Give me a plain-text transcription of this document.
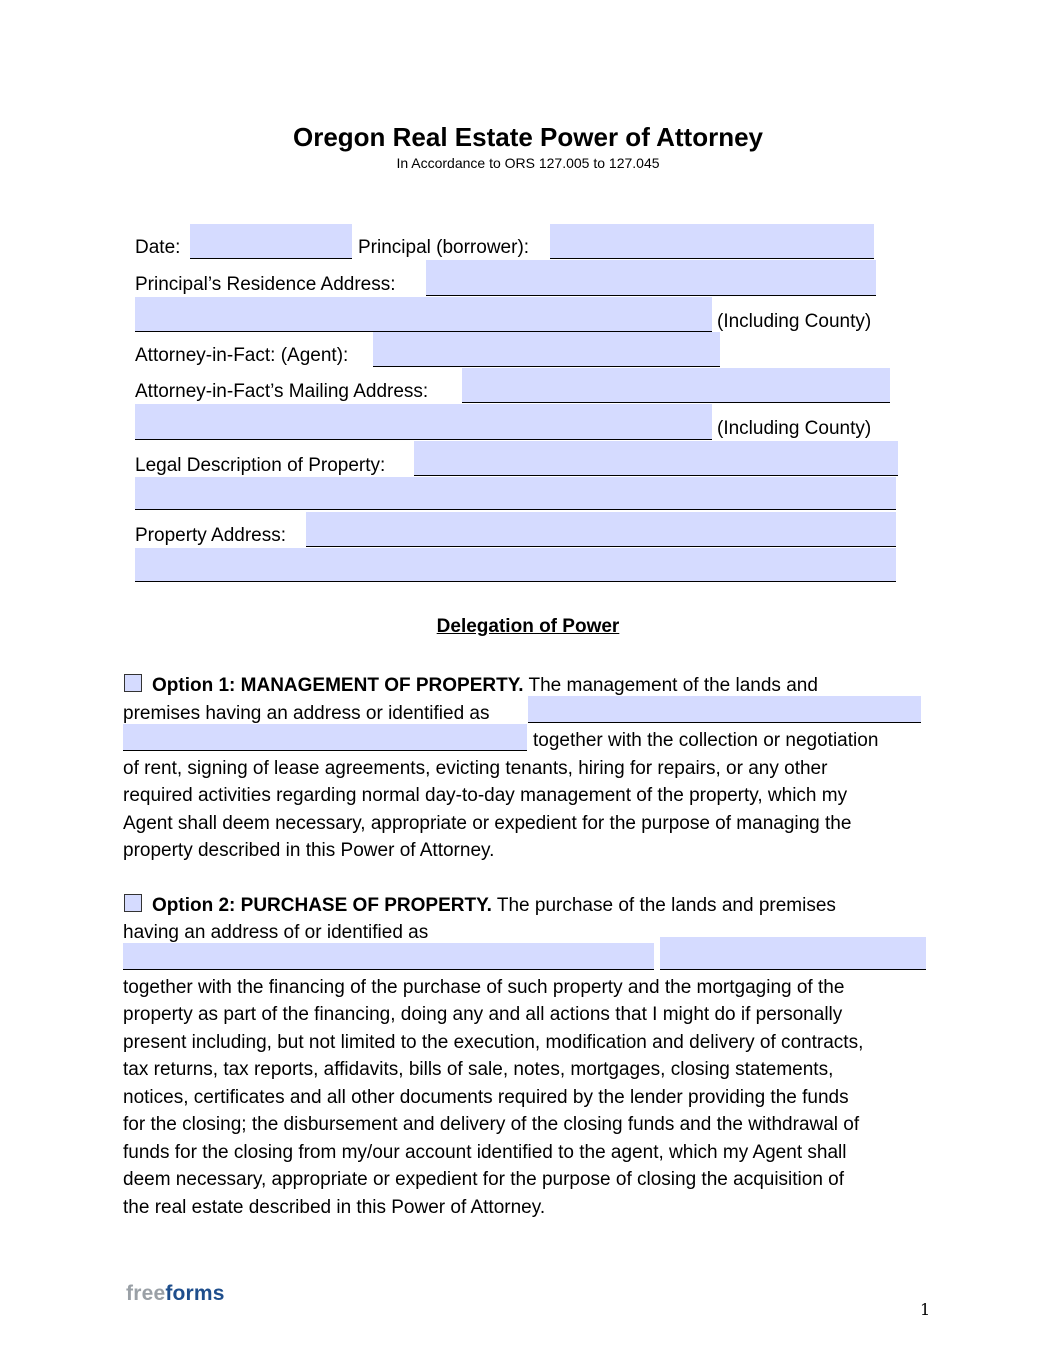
Oregon Real Estate Power of Attorney
In Accordance to ORS 127.005 to 127.045
Date:	Principal (borrower):
Principal’s Residence Address:
(Including County)
Attorney-in-Fact: (Agent):
Attorney-in-Fact’s Mailing Address:
(Including County)
Legal Description of Property:
Property Address:
Delegation of Power
Option 1: MANAGEMENT OF PROPERTY. The management of the lands and
premises having an address or identified as
together with the collection or negotiation
of rent, signing of lease agreements, evicting tenants, hiring for repairs, or any other
required activities regarding normal day-to-day management of the property, which my
Agent shall deem necessary, appropriate or expedient for the purpose of managing the
property described in this Power of Attorney.
Option 2: PURCHASE OF PROPERTY. The purchase of the lands and premises
having an address of or identified as
together with the financing of the purchase of such property and the mortgaging of the
property as part of the financing, doing any and all actions that I might do if personally
present including, but not limited to the execution, modification and delivery of contracts,
tax returns, tax reports, affidavits, bills of sale, notes, mortgages, closing statements,
notices, certificates and all other documents required by the lender providing the funds
for the closing; the disbursement and delivery of the closing funds and the withdrawal of
funds for the closing from my/our account identified to the agent, which my Agent shall
deem necessary, appropriate or expedient for the purpose of closing the acquisition of
the real estate described in this Power of Attorney.
freeforms
1
